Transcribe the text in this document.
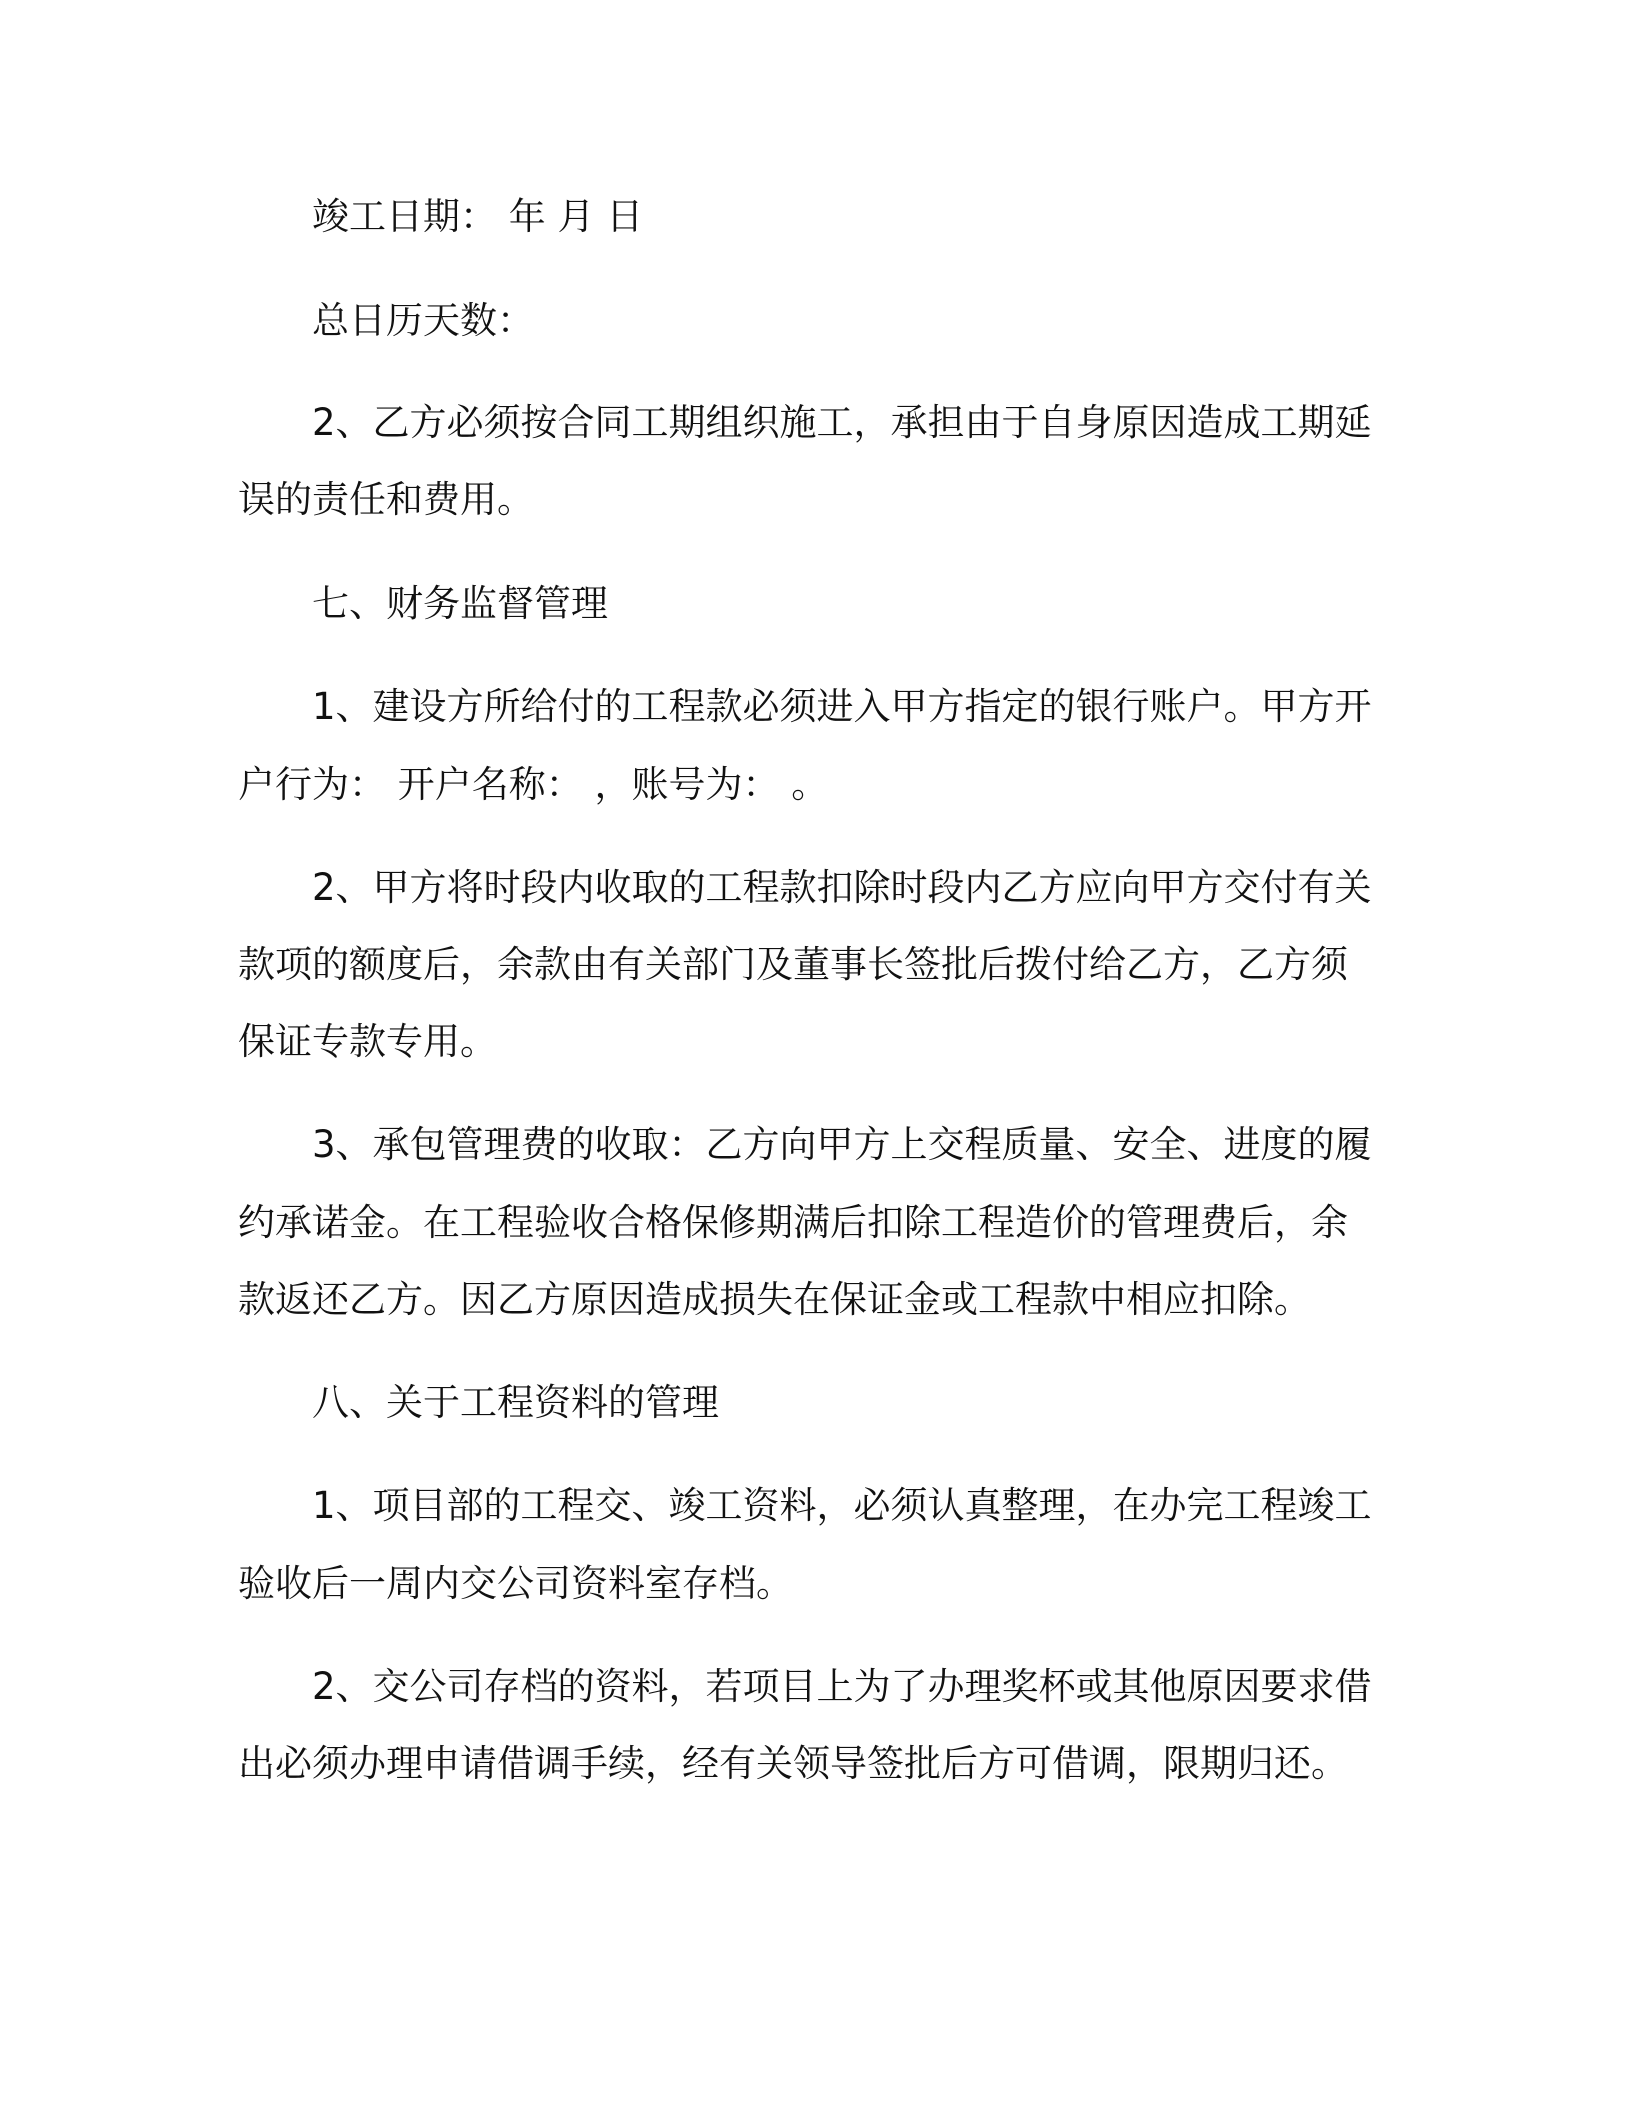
竣工日期： 年 月 日
总日历天数：
2、乙方必须按合同工期组织施工，承担由于自身原因造成工期延
误的责任和费用。
七、财务监督管理
1、建设方所给付的工程款必须进入甲方指定的银行账户。甲方开
户行为： 开户名称： ，账号为： 。
2、甲方将时段内收取的工程款扣除时段内乙方应向甲方交付有关
款项的额度后，余款由有关部门及董事长签批后拨付给乙方，乙方须
保证专款专用。
3、承包管理费的收取：乙方向甲方上交程质量、安全、进度的履
约承诺金。在工程验收合格保修期满后扣除工程造价的管理费后，余
款返还乙方。因乙方原因造成损失在保证金或工程款中相应扣除。
八、关于工程资料的管理
1、项目部的工程交、竣工资料，必须认真整理，在办完工程竣工
验收后一周内交公司资料室存档。
2、交公司存档的资料，若项目上为了办理奖杯或其他原因要求借
出必须办理申请借调手续，经有关领导签批后方可借调，限期归还。
